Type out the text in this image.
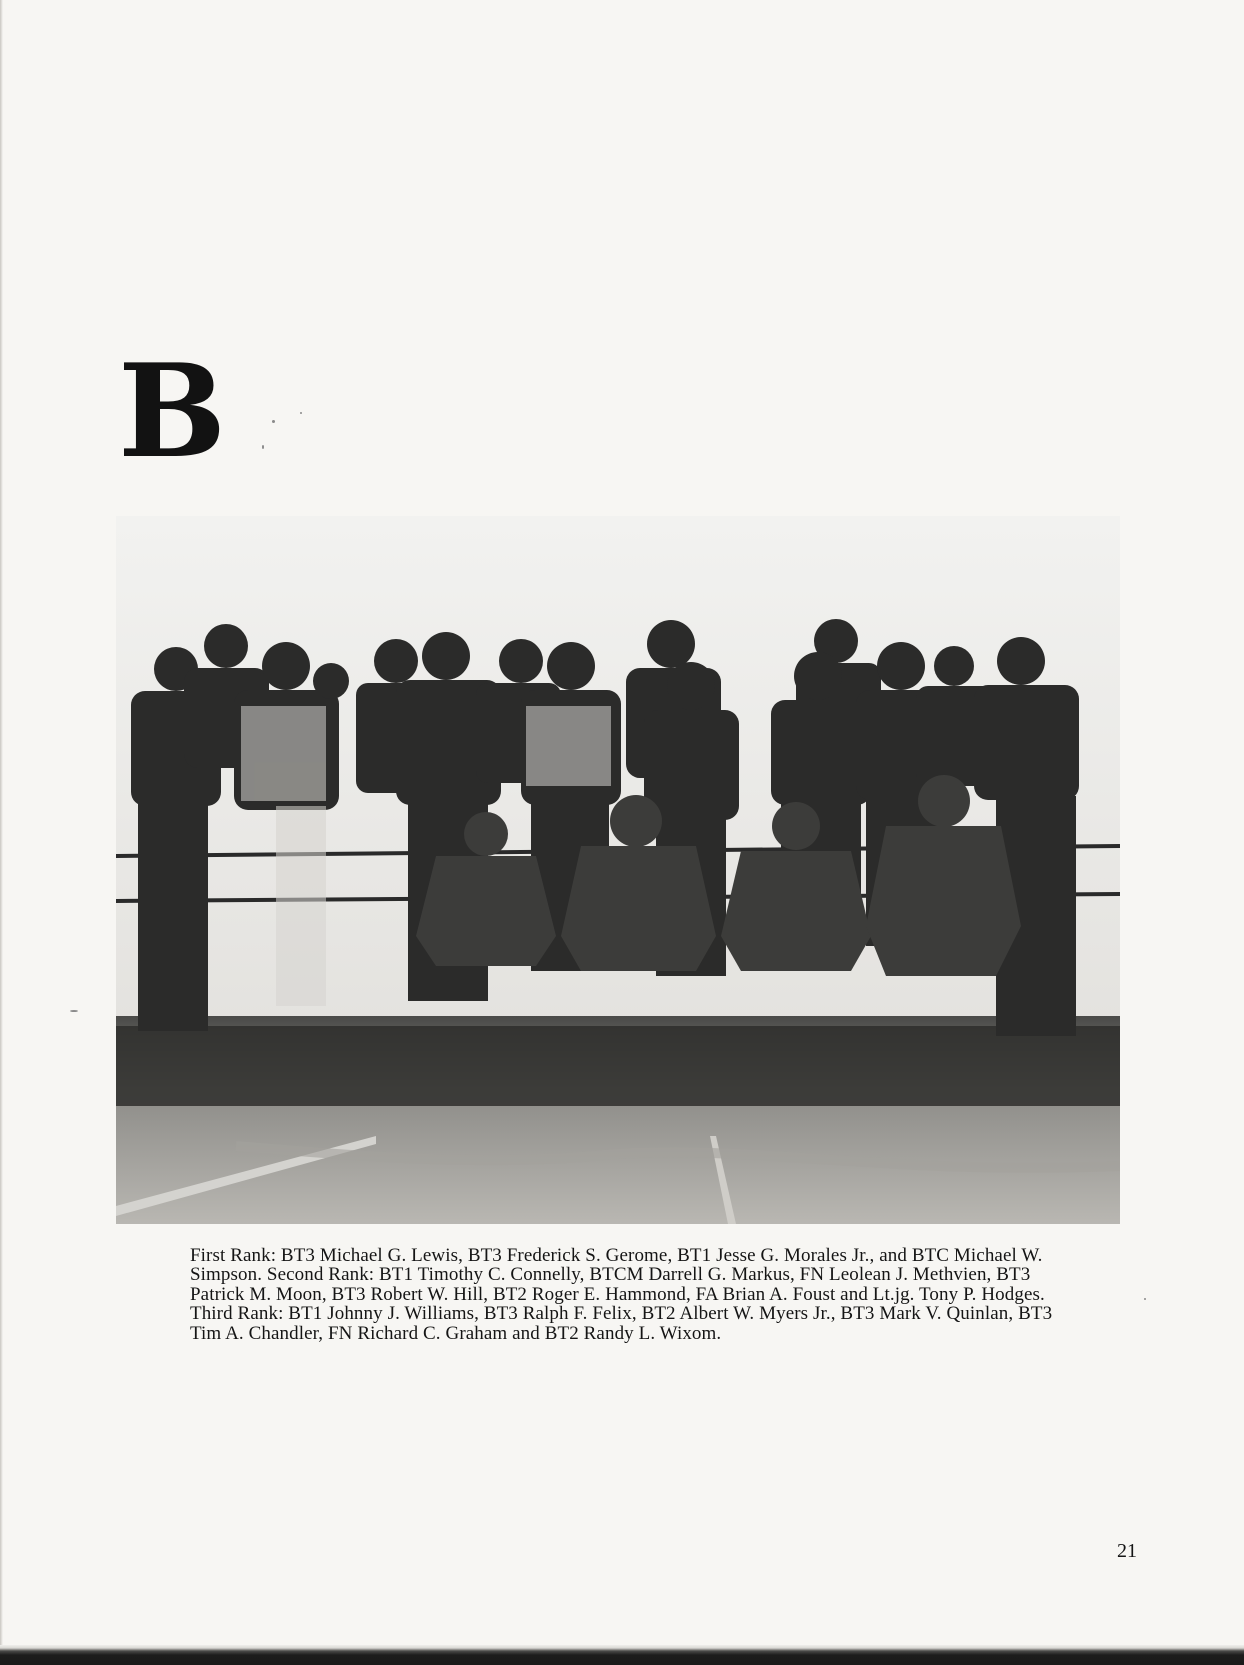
B
First Rank: BT3 Michael G. Lewis, BT3 Frederick S. Gerome, BT1 Jesse G. Morales Jr., and BTC Michael W. Simpson. Second Rank: BT1 Timothy C. Connelly, BTCM Darrell G. Markus, FN Leolean J. Methvien, BT3 Patrick M. Moon, BT3 Robert W. Hill, BT2 Roger E. Hammond, FA Brian A. Foust and Lt.jg. Tony P. Hodges. Third Rank: BT1 Johnny J. Williams, BT3 Ralph F. Felix, BT2 Albert W. Myers Jr., BT3 Mark V. Quinlan, BT3 Tim A. Chandler, FN Richard C. Graham and BT2 Randy L. Wixom.
21
